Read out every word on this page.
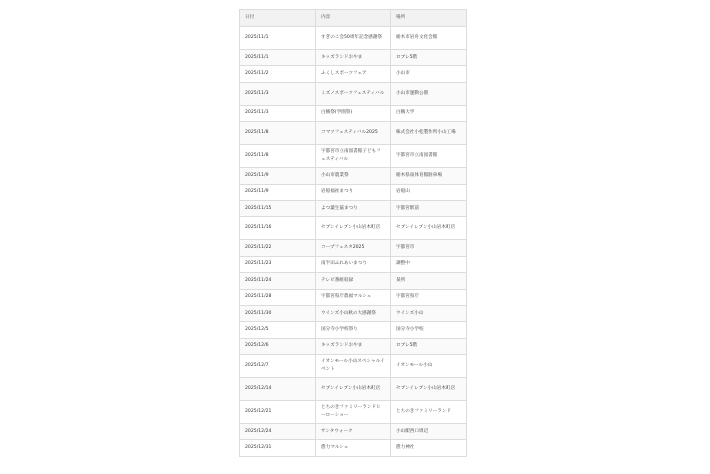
日付	内容	場所
2025/11/1	すぎのこ会50周年記念感謝祭	栃木市岩舟文化会館
2025/11/1	キッズランドおやま	ロブレ5階
2025/11/2	ふくしスポーツフェア	小山市
2025/11/3	ミズノスポーツフェスティバル	小山市運動公園
2025/11/3	白鷗祭(学園祭)	白鷗大学
2025/11/8	コマツフェスティバル2025	株式会社小松製作所小山工場
2025/11/8	宇都宮市立南図書館子どもフェスティバル	宇都宮市立南図書館
2025/11/9	小山市農業祭	栃木県南体育館駐車場
2025/11/9	岩船福祉まつり	岩船山
2025/11/15	よつ葉生協まつり	宇都宮駅前
2025/11/16	セブンイレブン小山岩木町店	セブンイレブン小山岩木町店
2025/11/22	コープフェスタ2025	宇都宮市
2025/11/23	南半田ふれあいまつり	調整中
2025/11/24	テレビ番組収録	某所
2025/11/28	宇都宮県庁農福マルシェ	宇都宮県庁
2025/11/30	ウインズ小山秋の大感謝祭	ウインズ小山
2025/12/5	国分寺小学校祭り	国分寺小学校
2025/12/6	キッズランドおやま	ロブレ5階
2025/12/7	イオンモール小山スペシャルイベント	イオンモール小山
2025/12/14	セブンイレブン小山岩木町店	セブンイレブン小山岩木町店
2025/12/21	とちのきファミリーランドヒーローショー	とちのきファミリーランド
2025/12/24	サンタウォーク	小山駅西口周辺
2025/12/31	愈力マルシェ	愈力神社
